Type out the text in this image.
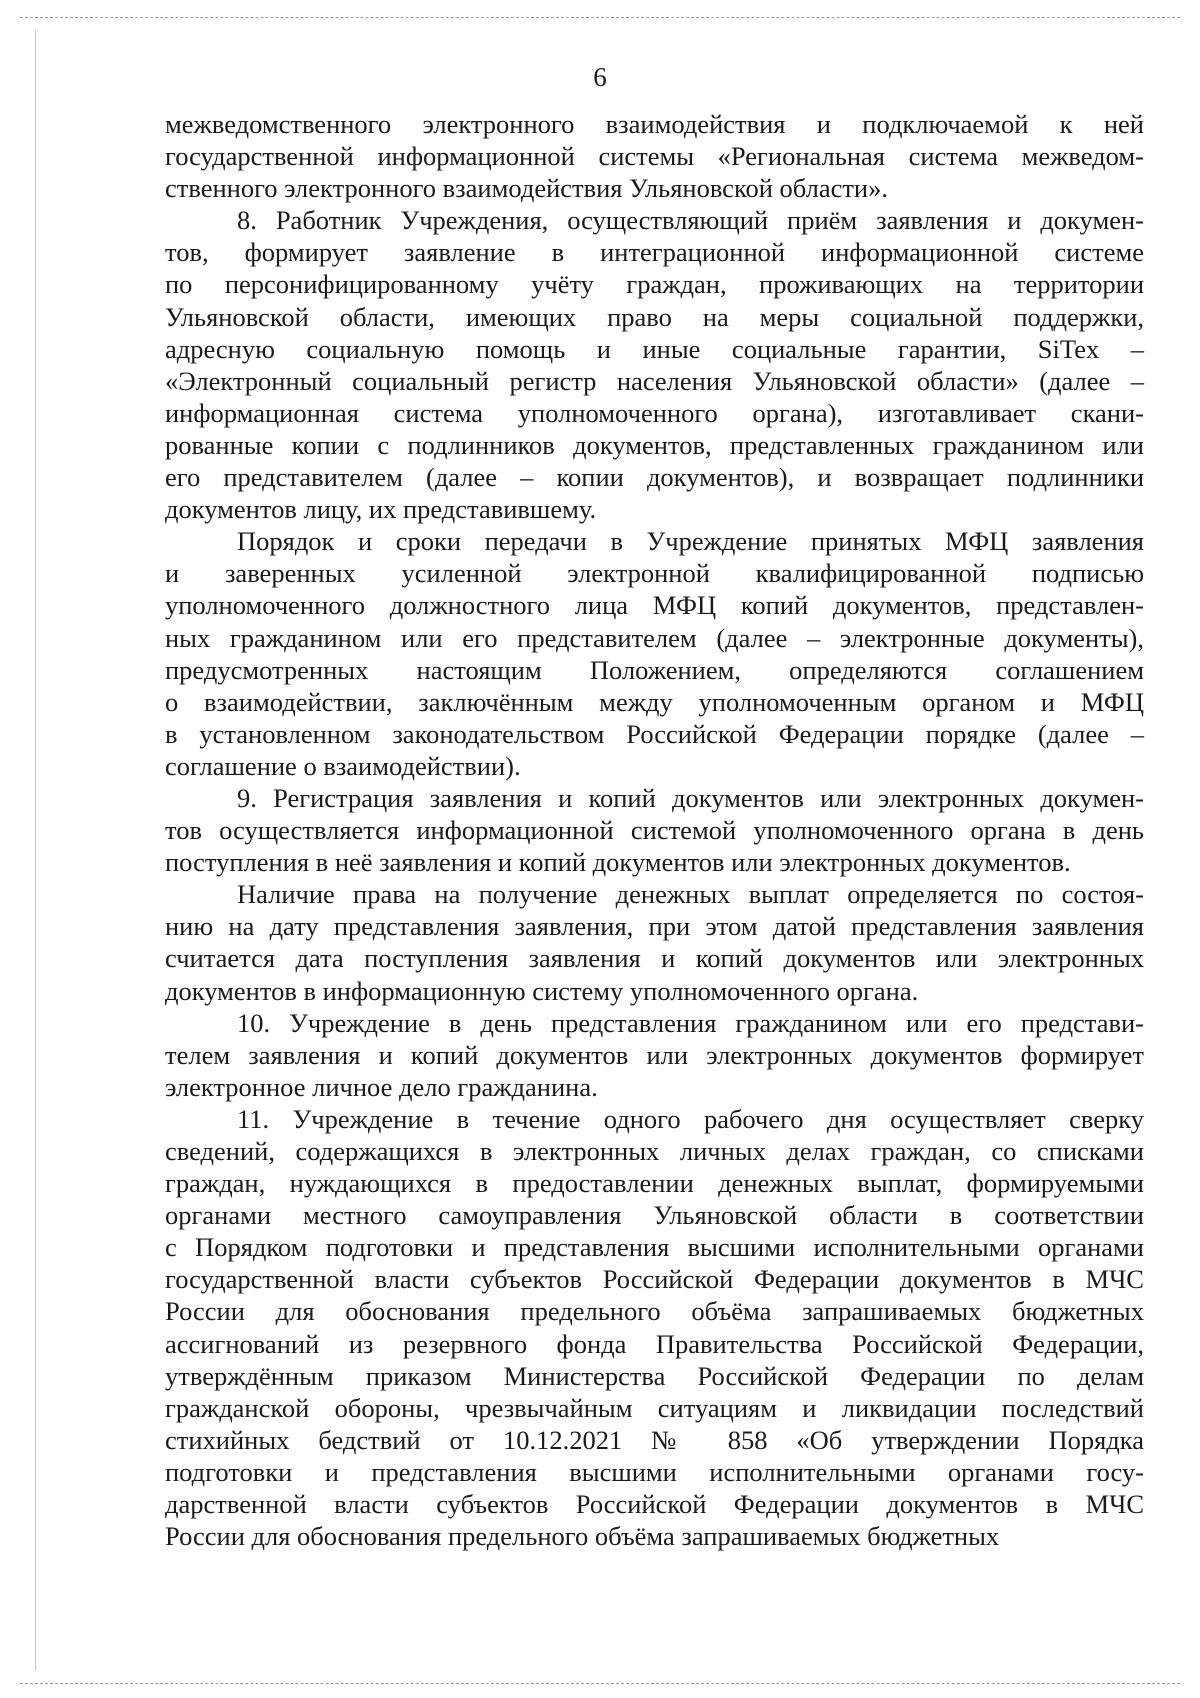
6

межведомственного электронного взаимодействия и подключаемой к ней
государственной информационной системы «Региональная система межведом-
ственного электронного взаимодействия Ульяновской области».
8. Работник Учреждения, осуществляющий приём заявления и докумен-
тов, формирует заявление в интеграционной информационной системе
по персонифицированному учёту граждан, проживающих на территории
Ульяновской области, имеющих право на меры социальной поддержки,
адресную социальную помощь и иные социальные гарантии, SiTex –
«Электронный социальный регистр населения Ульяновской области» (далее –
информационная система уполномоченного органа), изготавливает скани-
рованные копии с подлинников документов, представленных гражданином или
его представителем (далее – копии документов), и возвращает подлинники
документов лицу, их представившему.
Порядок и сроки передачи в Учреждение принятых МФЦ заявления
и заверенных усиленной электронной квалифицированной подписью
уполномоченного должностного лица МФЦ копий документов, представлен-
ных гражданином или его представителем (далее – электронные документы),
предусмотренных настоящим Положением, определяются соглашением
о взаимодействии, заключённым между уполномоченным органом и МФЦ
в установленном законодательством Российской Федерации порядке (далее –
соглашение о взаимодействии).
9. Регистрация заявления и копий документов или электронных докумен-
тов осуществляется информационной системой уполномоченного органа в день
поступления в неё заявления и копий документов или электронных документов.
Наличие права на получение денежных выплат определяется по состоя-
нию на дату представления заявления, при этом датой представления заявления
считается дата поступления заявления и копий документов или электронных
документов в информационную систему уполномоченного органа.
10. Учреждение в день представления гражданином или его представи-
телем заявления и копий документов или электронных документов формирует
электронное личное дело гражданина.
11. Учреждение в течение одного рабочего дня осуществляет сверку
сведений, содержащихся в электронных личных делах граждан, со списками
граждан, нуждающихся в предоставлении денежных выплат, формируемыми
органами местного самоуправления Ульяновской области в соответствии
с Порядком подготовки и представления высшими исполнительными органами
государственной власти субъектов Российской Федерации документов в МЧС
России для обоснования предельного объёма запрашиваемых бюджетных
ассигнований из резервного фонда Правительства Российской Федерации,
утверждённым приказом Министерства Российской Федерации по делам
гражданской обороны, чрезвычайным ситуациям и ликвидации последствий
стихийных бедствий от 10.12.2021 № 858 «Об утверждении Порядка
подготовки и представления высшими исполнительными органами госу-
дарственной власти субъектов Российской Федерации документов в МЧС
России для обоснования предельного объёма запрашиваемых бюджетных
